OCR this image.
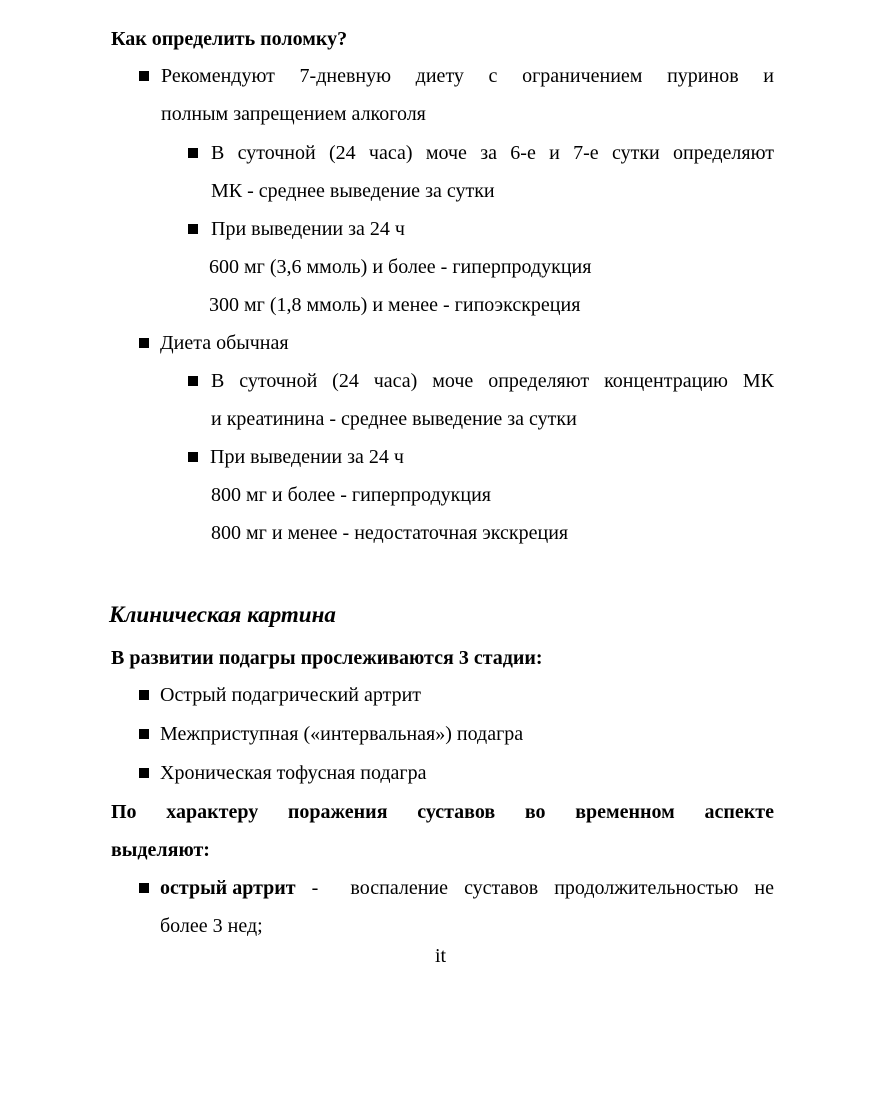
Как определить поломку?
Рекомендуют 7-дневную диету с ограничением пуринов и
полным запрещением алкоголя
В суточной (24 часа) моче за 6-е и 7-е сутки определяют
МК - среднее выведение за сутки
При выведении за 24 ч
600 мг (3,6 ммоль) и более - гиперпродукция
300 мг (1,8 ммоль) и менее - гипоэкскреция
Диета обычная
В суточной (24 часа) моче определяют концентрацию МК
и креатинина - среднее выведение за сутки
При выведении за 24 ч
800 мг и более - гиперпродукция
800 мг и менее - недостаточная экскреция
Клиническая картина
В развитии подагры прослеживаются 3 стадии:
Острый подагрический артрит
Межприступная («интервальная») подагра
Хроническая тофусная подагра
По характеру поражения суставов во временном аспекте
выделяют:
острый артрит -  воспаление суставов продолжительностью не
более 3 нед;
it
